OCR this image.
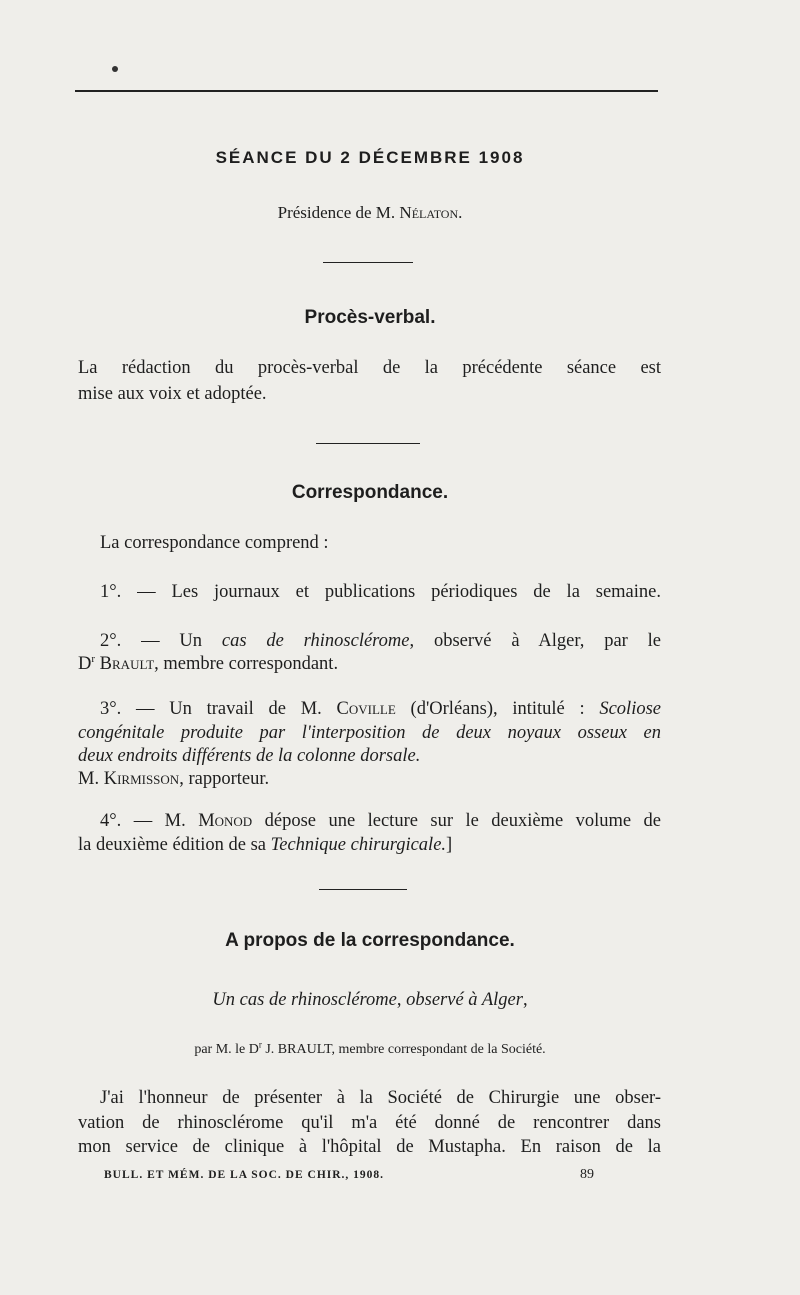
SÉANCE DU 2 DÉCEMBRE 1908
Présidence de M. Nélaton.
Procès-verbal.
La rédaction du procès-verbal de la précédente séance est
mise aux voix et adoptée.
Correspondance.
La correspondance comprend :
1°. — Les journaux et publications périodiques de la semaine.
2°. — Un cas de rhinosclérome, observé à Alger, par le
$D^r$ Brault, membre correspondant.
3°. — Un travail de M. Coville (d'Orléans), intitulé : Scoliose
congénitale produite par l'interposition de deux noyaux osseux en
deux endroits différents de la colonne dorsale.
M. Kirmisson, rapporteur.
4°. — M. Monod dépose une lecture sur le deuxième volume de
la deuxième édition de sa Technique chirurgicale.]
A propos de la correspondance.
Un cas de rhinosclérome, observé à Alger,
par M. le $D^r$ J. BRAULT, membre correspondant de la Société.
J'ai l'honneur de présenter à la Société de Chirurgie une obser-
vation de rhinosclérome qu'il m'a été donné de rencontrer dans
mon service de clinique à l'hôpital de Mustapha. En raison de la
BULL. ET MÉM. DE LA SOC. DE CHIR., 1908.	89
